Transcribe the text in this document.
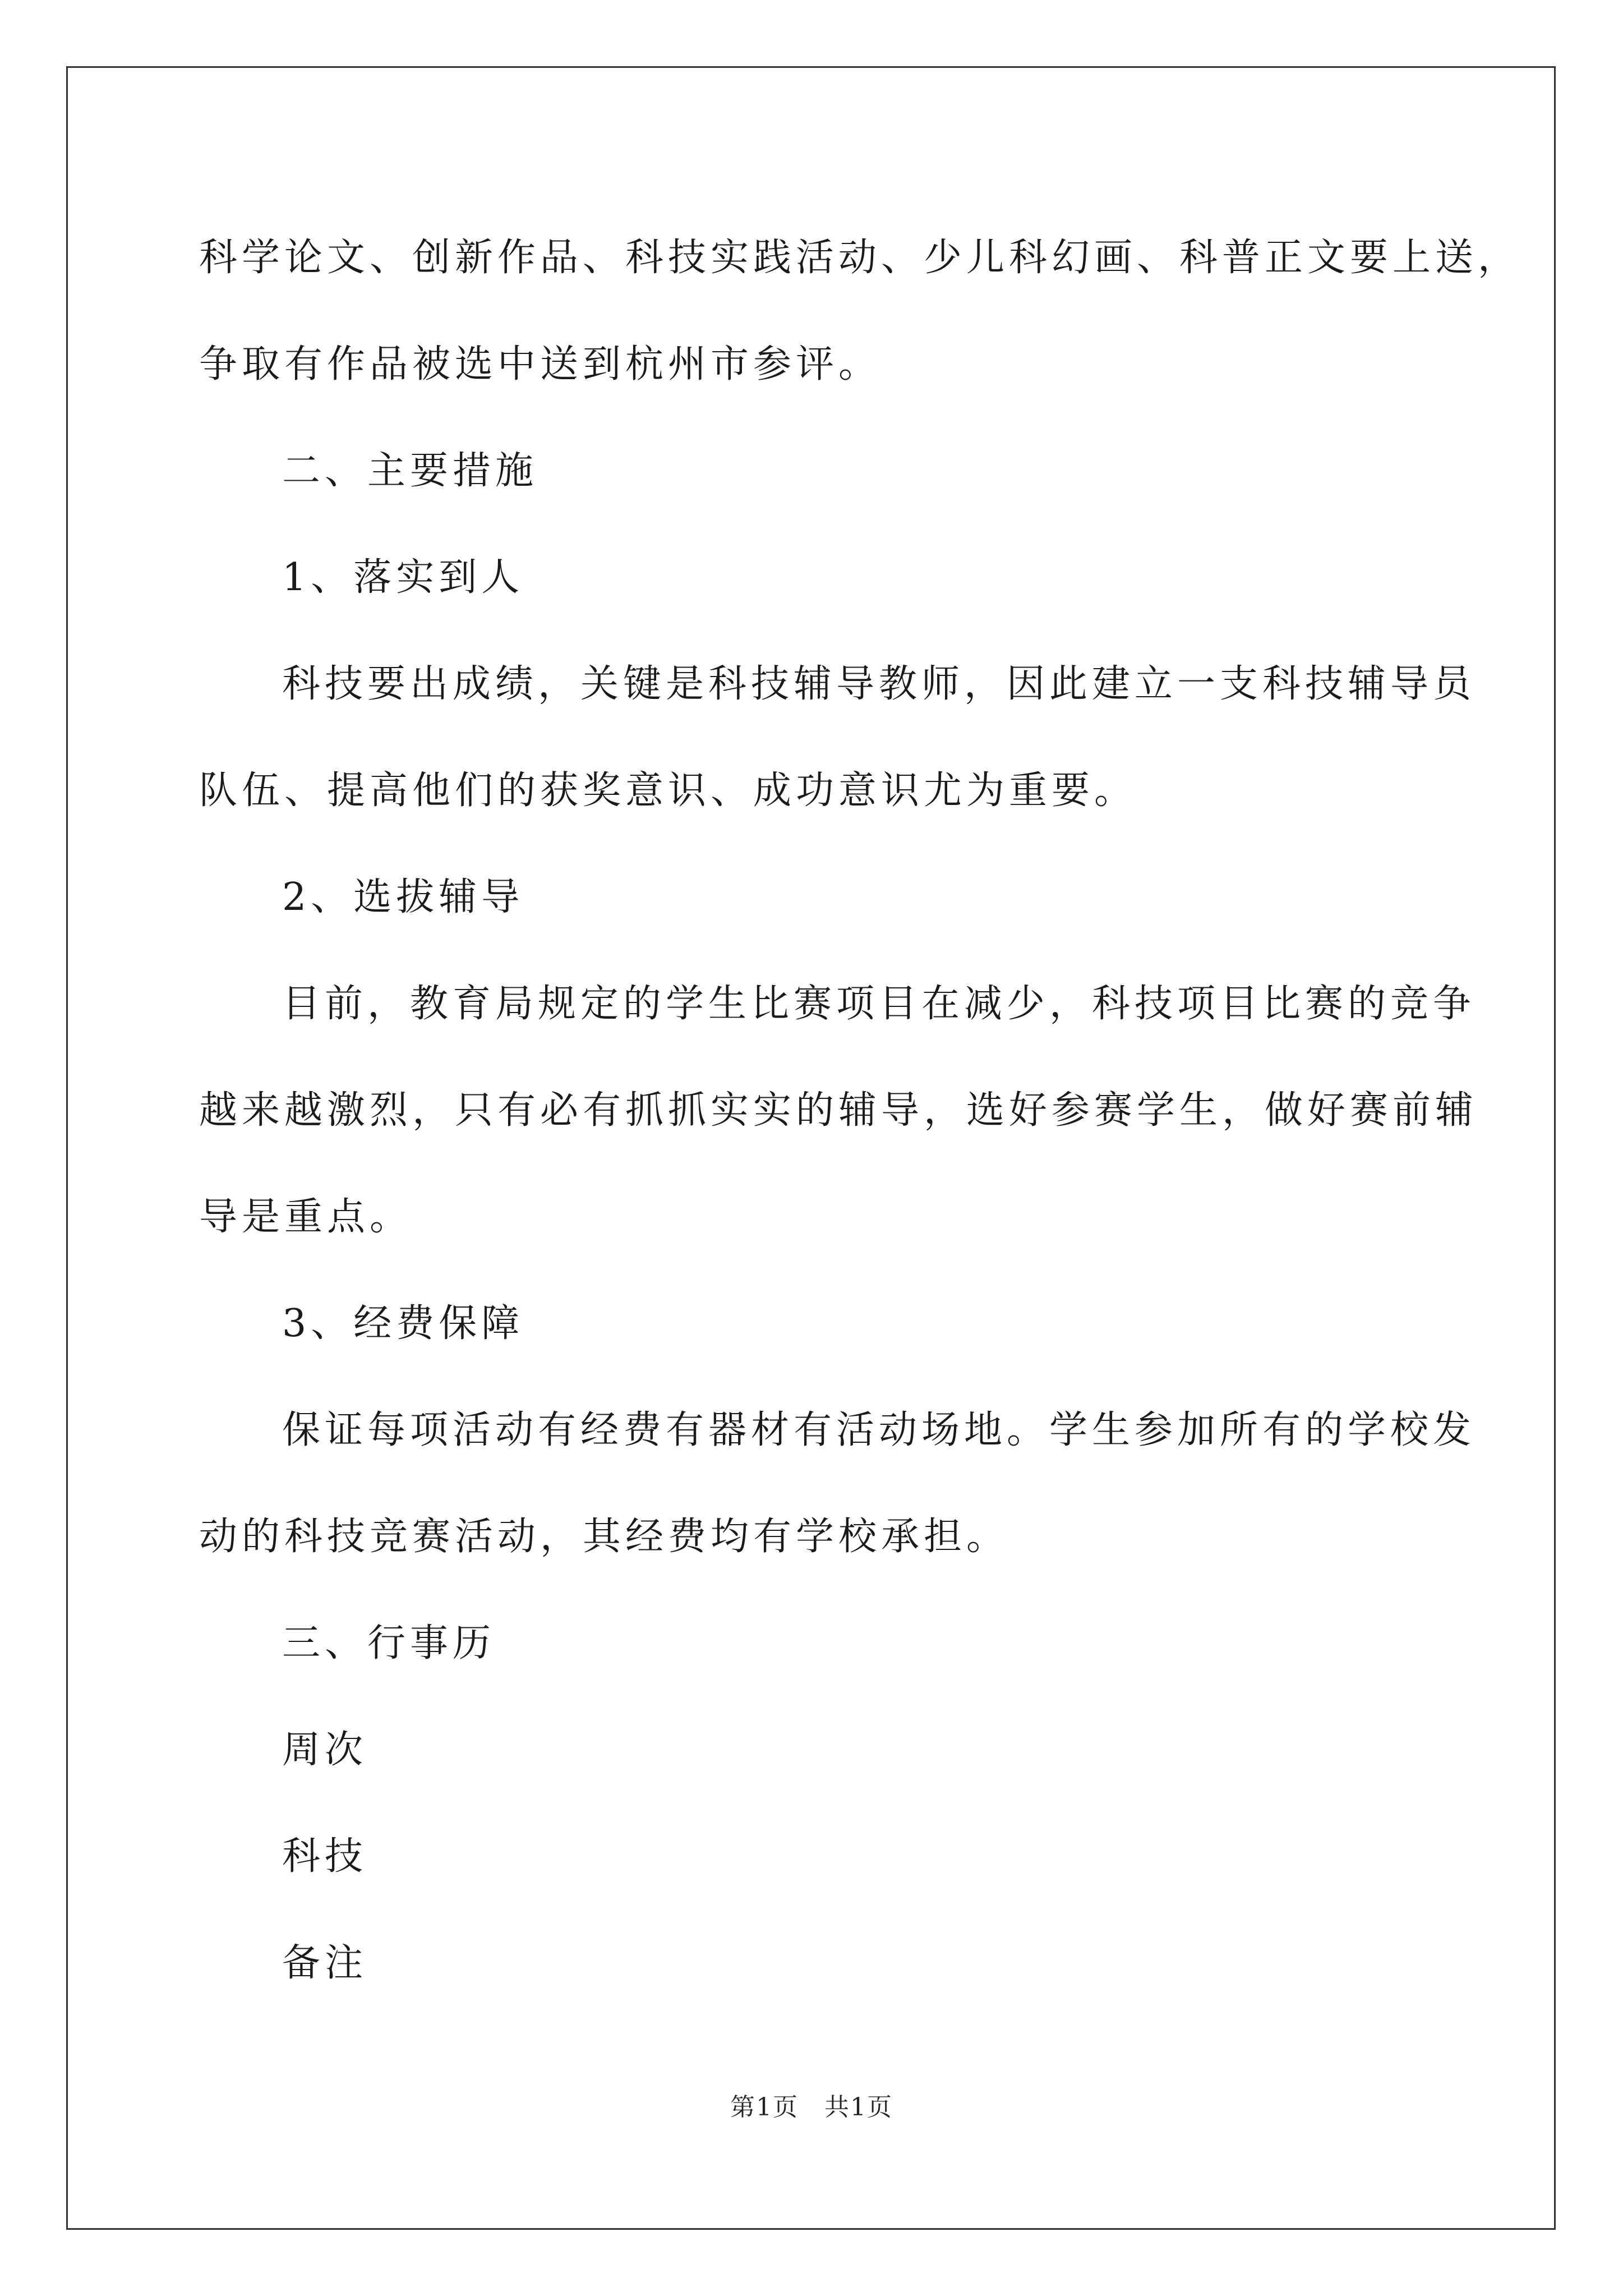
科学论文、创新作品、科技实践活动、少儿科幻画、科普正文要上送，
争取有作品被选中送到杭州市参评。
二、主要措施
1、落实到人
科技要出成绩，关键是科技辅导教师，因此建立一支科技辅导员
队伍、提高他们的获奖意识、成功意识尤为重要。
2、选拔辅导
目前，教育局规定的学生比赛项目在减少，科技项目比赛的竞争
越来越激烈，只有必有抓抓实实的辅导，选好参赛学生，做好赛前辅
导是重点。
3、经费保障
保证每项活动有经费有器材有活动场地。学生参加所有的学校发
动的科技竞赛活动，其经费均有学校承担。
三、行事历
周次
科技
备注
第1页　共1页
